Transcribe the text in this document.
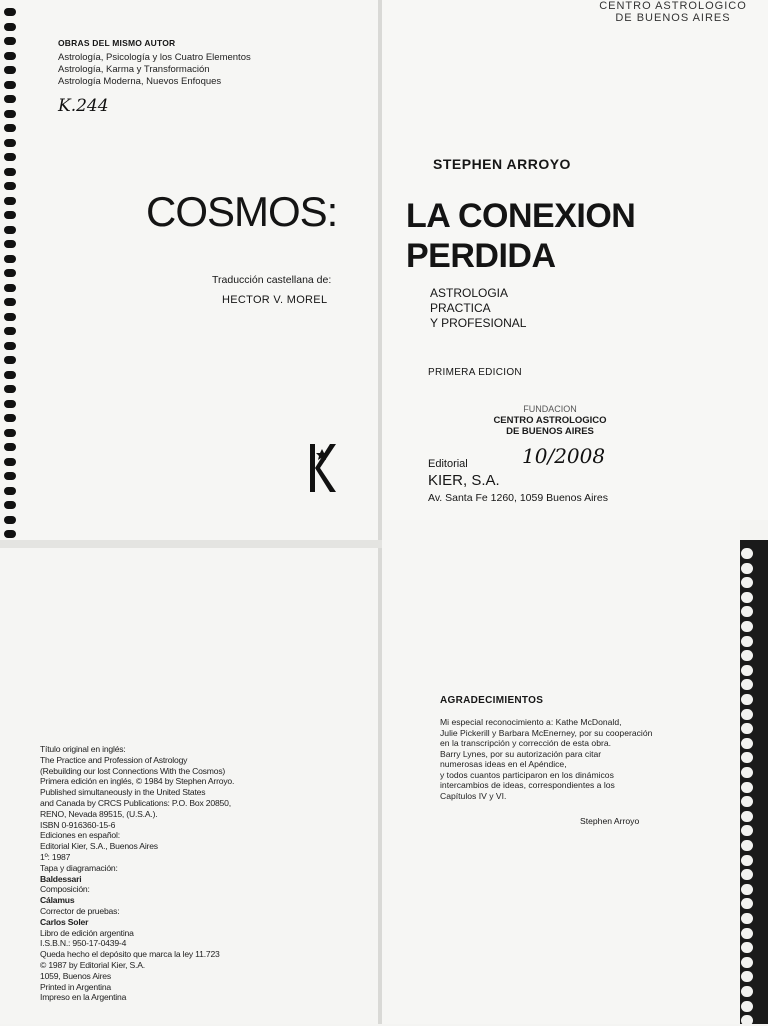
CENTRO ASTROLOGICO
DE BUENOS AIRES
OBRAS DEL MISMO AUTOR
Astrología, Psicología y los Cuatro Elementos
Astrología, Karma y Transformación
Astrología Moderna, Nuevos Enfoques
K.244
STEPHEN ARROYO
COSMOS: LA CONEXION
PERDIDA
Traducción castellana de:
HECTOR V. MOREL	ASTROLOGIA
PRACTICA
Y PROFESIONAL
PRIMERA EDICION
FUNDACION
CENTRO ASTROLOGICO
DE BUENOS AIRES
10/2008
Editorial
KIER, S.A.
Av. Santa Fe 1260, 1059 Buenos Aires
Título original en inglés:
The Practice and Profession of Astrology
(Rebuilding our lost Connections With the Cosmos)
Primera edición en inglés, © 1984 by Stephen Arroyo.
Published simultaneously in the United States
and Canada by CRCS Publications: P.O. Box 20850,
RENO, Nevada 89515, (U.S.A.).
ISBN 0-916360-15-6
Ediciones en español:
Editorial Kier, S.A., Buenos Aires
1º: 1987
Tapa y diagramación:
Baldessari
Composición:
Cálamus
Corrector de pruebas:
Carlos Soler
Libro de edición argentina
I.S.B.N.: 950-17-0439-4
Queda hecho el depósito que marca la ley 11.723
© 1987 by Editorial Kier, S.A.
1059, Buenos Aires
Printed in Argentina
Impreso en la Argentina
AGRADECIMIENTOS
Mi especial reconocimiento a: Kathe McDonald,
Julie Pickerill y Barbara McEnerney, por su cooperación
en la transcripción y corrección de esta obra.
Barry Lynes, por su autorización para citar
numerosas ideas en el Apéndice,
y todos cuantos participaron en los dinámicos
intercambios de ideas, correspondientes a los
Capítulos IV y VI.
Stephen Arroyo
